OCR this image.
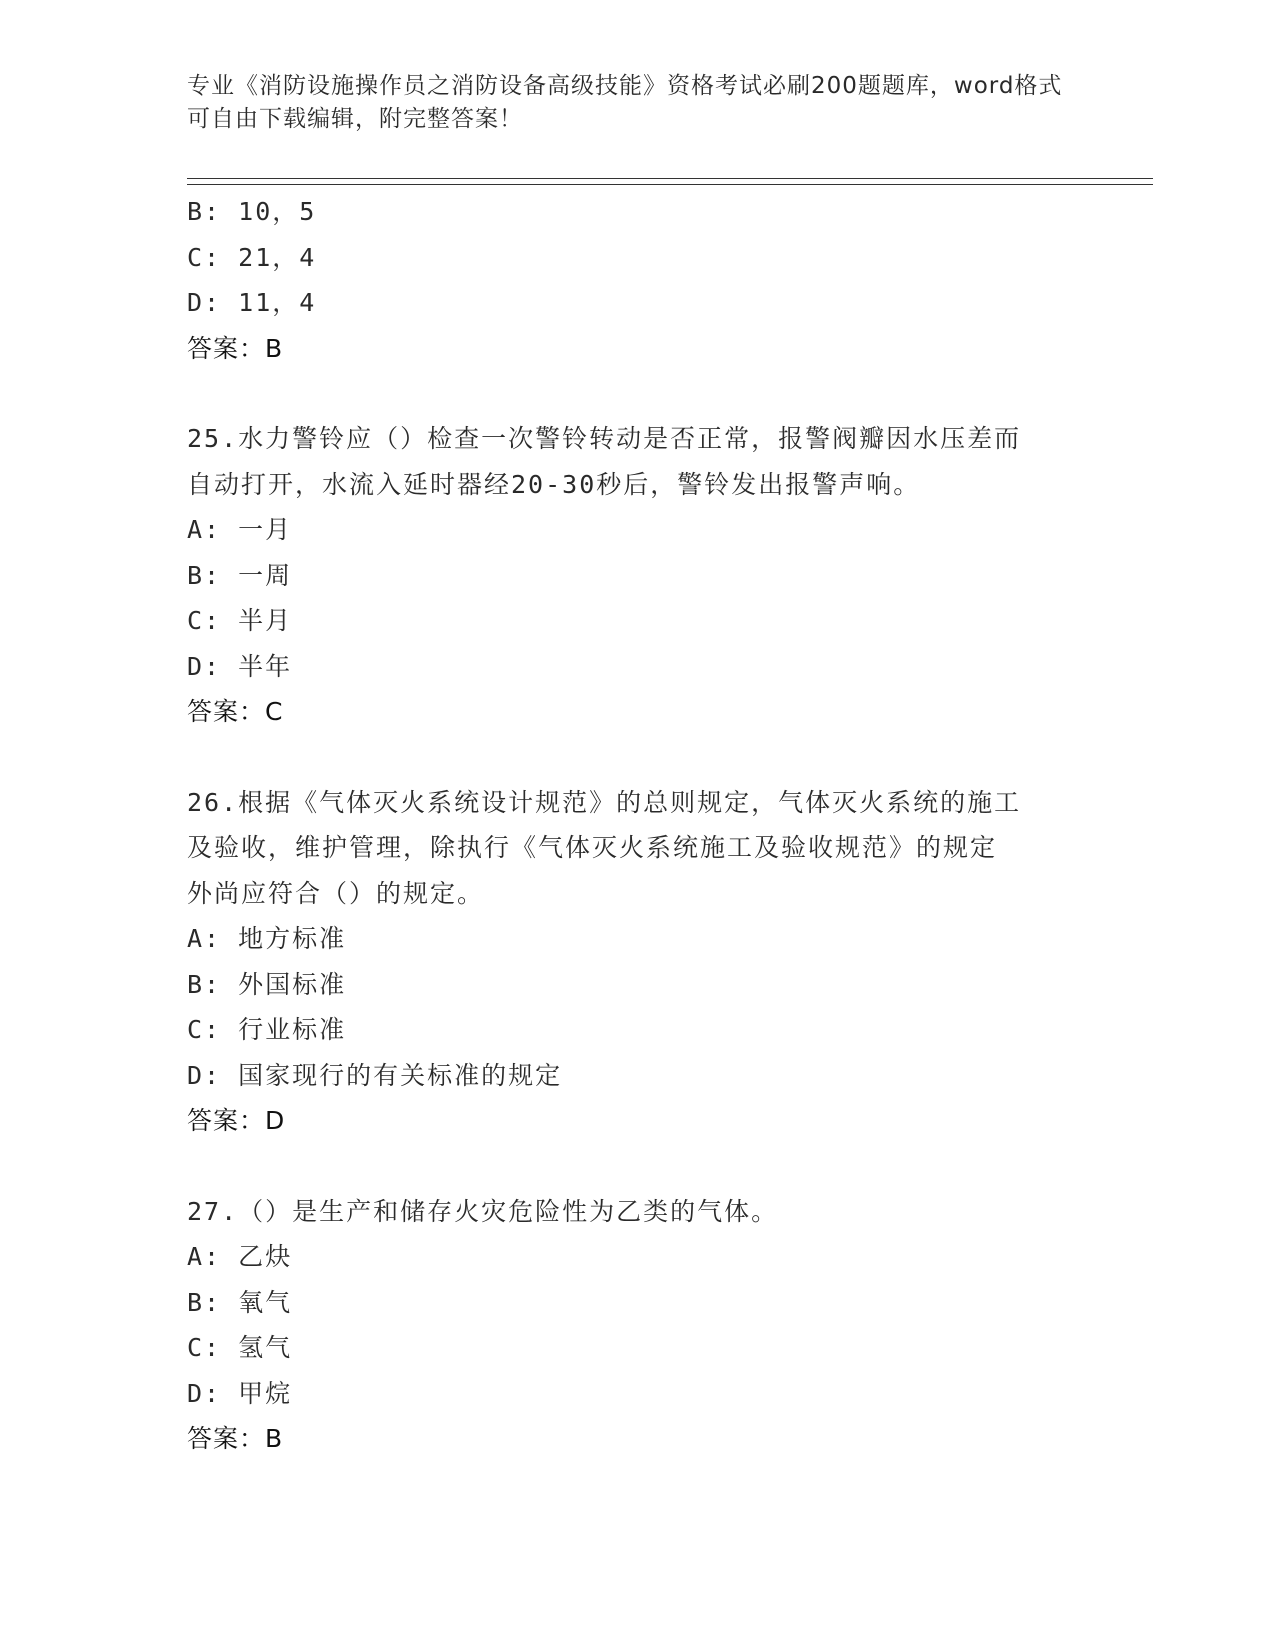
专业《消防设施操作员之消防设备高级技能》资格考试必刷200题题库，word格式可自由下载编辑，附完整答案！
B: 10，5
C: 21，4
D: 11，4
答案：B
25.水力警铃应（）检查一次警铃转动是否正常，报警阀瓣因水压差而
自动打开，水流入延时器经20-30秒后，警铃发出报警声响。
A: 一月
B: 一周
C: 半月
D: 半年
答案：C
26.根据《气体灭火系统设计规范》的总则规定，气体灭火系统的施工
及验收，维护管理，除执行《气体灭火系统施工及验收规范》的规定
外尚应符合（）的规定。
A: 地方标准
B: 外国标准
C: 行业标准
D: 国家现行的有关标准的规定
答案：D
27.（）是生产和储存火灾危险性为乙类的气体。
A: 乙炔
B: 氧气
C: 氢气
D: 甲烷
答案：B
